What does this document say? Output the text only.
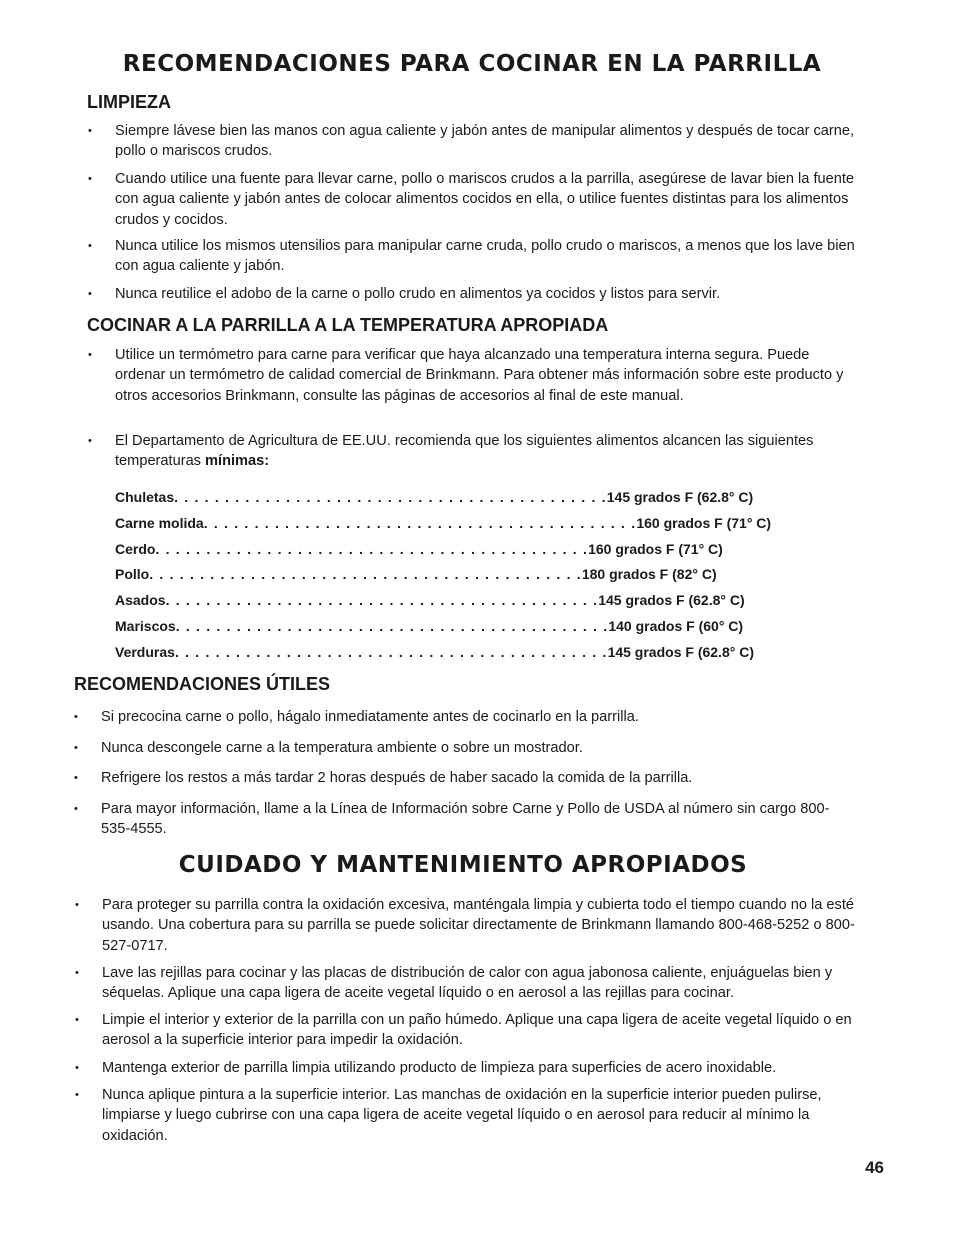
RECOMENDACIONES PARA COCINAR EN LA PARRILLA
LIMPIEZA
• Siempre lávese bien las manos con agua caliente y jabón antes de manipular alimentos y después de tocar carne, pollo o mariscos crudos.
• Cuando utilice una fuente para llevar carne, pollo o mariscos crudos a la parrilla, asegúrese de lavar bien la fuente con agua caliente y jabón antes de colocar alimentos cocidos en ella, o utilice fuentes distintas para los alimentos crudos y cocidos.
• Nunca utilice los mismos utensilios para manipular carne cruda, pollo crudo o mariscos, a menos que los lave bien con agua caliente y jabón.
• Nunca reutilice el adobo de la carne o pollo crudo en alimentos ya cocidos y listos para servir.
COCINAR A LA PARRILLA A LA TEMPERATURA APROPIADA
• Utilice un termómetro para carne para verificar que haya alcanzado una temperatura interna segura. Puede ordenar un termómetro de calidad comercial de Brinkmann. Para obtener más información sobre este producto y otros accesorios Brinkmann, consulte las páginas de accesorios al final de este manual.
• El Departamento de Agricultura de EE.UU. recomienda que los siguientes alimentos alcancen las siguientes temperaturas mínimas:
Chuletas . . . . . . . . . . . . . . . . . . . . . . . . . . . . . . . . . . . . . . . . . . . 145 grados F (62.8° C)
Carne molida . . . . . . . . . . . . . . . . . . . . . . . . . . . . . . . . . . . . . . . . . . . 160 grados F (71° C)
Cerdo . . . . . . . . . . . . . . . . . . . . . . . . . . . . . . . . . . . . . . . . . . . 160 grados F (71° C)
Pollo . . . . . . . . . . . . . . . . . . . . . . . . . . . . . . . . . . . . . . . . . . . 180 grados F (82° C)
Asados . . . . . . . . . . . . . . . . . . . . . . . . . . . . . . . . . . . . . . . . . . . 145 grados F (62.8° C)
Mariscos . . . . . . . . . . . . . . . . . . . . . . . . . . . . . . . . . . . . . . . . . . . 140 grados F (60° C)
Verduras . . . . . . . . . . . . . . . . . . . . . . . . . . . . . . . . . . . . . . . . . . . 145 grados F (62.8° C)
RECOMENDACIONES ÚTILES
• Si precocina carne o pollo, hágalo inmediatamente antes de cocinarlo en la parrilla.
• Nunca descongele carne a la temperatura ambiente o sobre un mostrador.
• Refrigere los restos a más tardar 2 horas después de haber sacado la comida de la parrilla.
• Para mayor información, llame a la Línea de Información sobre Carne y Pollo de USDA al número sin cargo 800-535-4555.
CUIDADO Y MANTENIMIENTO APROPIADOS
• Para proteger su parrilla contra la oxidación excesiva, manténgala limpia y cubierta todo el tiempo cuando no la esté usando. Una cobertura para su parrilla se puede solicitar directamente de Brinkmann llamando 800-468-5252 o 800-527-0717.
• Lave las rejillas para cocinar y las placas de distribución de calor con agua jabonosa caliente, enjuáguelas bien y séquelas. Aplique una capa ligera de aceite vegetal líquido o en aerosol a las rejillas para cocinar.
• Limpie el interior y exterior de la parrilla con un paño húmedo. Aplique una capa ligera de aceite vegetal líquido o en aerosol a la superficie interior para impedir la oxidación.
• Mantenga exterior de parrilla limpia utilizando producto de limpieza para superficies de acero inoxidable.
• Nunca aplique pintura a la superficie interior. Las manchas de oxidación en la superficie interior pueden pulirse, limpiarse y luego cubrirse con una capa ligera de aceite vegetal líquido o en aerosol para reducir al mínimo la oxidación.
46
